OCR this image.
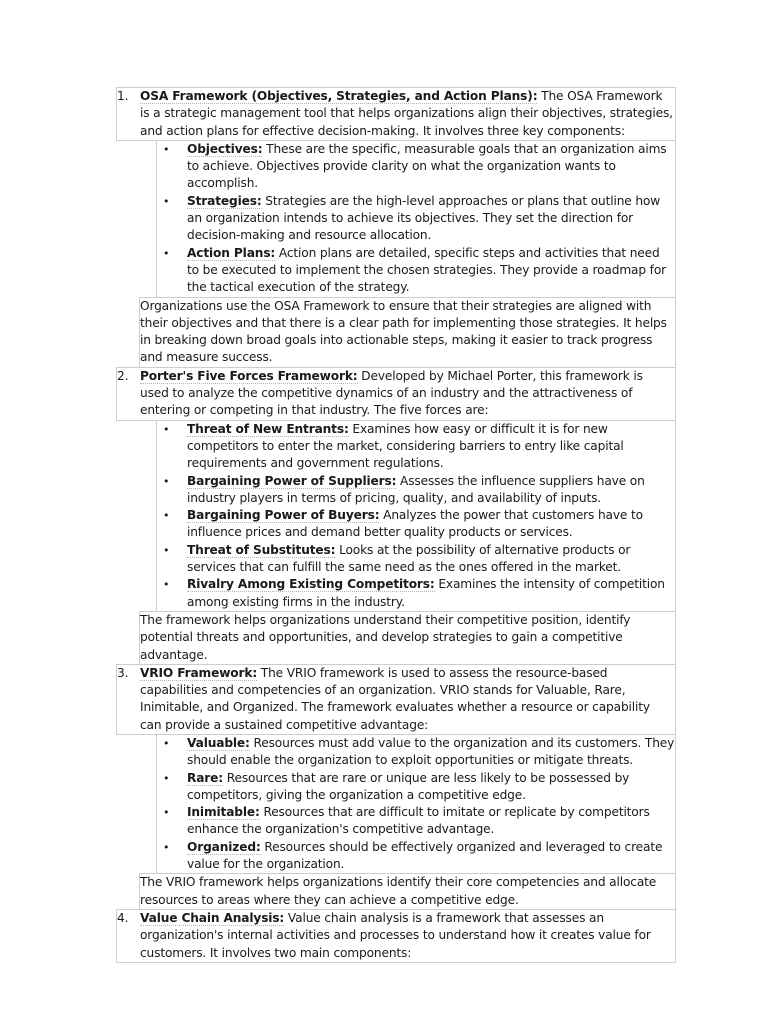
1. OSA Framework (Objectives, Strategies, and Action Plans): The OSA Framework is a strategic management tool that helps organizations align their objectives, strategies, and action plans for effective decision-making. It involves three key components:
• Objectives: These are the specific, measurable goals that an organization aims to achieve. Objectives provide clarity on what the organization wants to accomplish.
• Strategies: Strategies are the high-level approaches or plans that outline how an organization intends to achieve its objectives. They set the direction for decision-making and resource allocation.
• Action Plans: Action plans are detailed, specific steps and activities that need to be executed to implement the chosen strategies. They provide a roadmap for the tactical execution of the strategy.
Organizations use the OSA Framework to ensure that their strategies are aligned with their objectives and that there is a clear path for implementing those strategies. It helps in breaking down broad goals into actionable steps, making it easier to track progress and measure success.
2. Porter's Five Forces Framework: Developed by Michael Porter, this framework is used to analyze the competitive dynamics of an industry and the attractiveness of entering or competing in that industry. The five forces are:
• Threat of New Entrants: Examines how easy or difficult it is for new competitors to enter the market, considering barriers to entry like capital requirements and government regulations.
• Bargaining Power of Suppliers: Assesses the influence suppliers have on industry players in terms of pricing, quality, and availability of inputs.
• Bargaining Power of Buyers: Analyzes the power that customers have to influence prices and demand better quality products or services.
• Threat of Substitutes: Looks at the possibility of alternative products or services that can fulfill the same need as the ones offered in the market.
• Rivalry Among Existing Competitors: Examines the intensity of competition among existing firms in the industry.
The framework helps organizations understand their competitive position, identify potential threats and opportunities, and develop strategies to gain a competitive advantage.
3. VRIO Framework: The VRIO framework is used to assess the resource-based capabilities and competencies of an organization. VRIO stands for Valuable, Rare, Inimitable, and Organized. The framework evaluates whether a resource or capability can provide a sustained competitive advantage:
• Valuable: Resources must add value to the organization and its customers. They should enable the organization to exploit opportunities or mitigate threats.
• Rare: Resources that are rare or unique are less likely to be possessed by competitors, giving the organization a competitive edge.
• Inimitable: Resources that are difficult to imitate or replicate by competitors enhance the organization's competitive advantage.
• Organized: Resources should be effectively organized and leveraged to create value for the organization.
The VRIO framework helps organizations identify their core competencies and allocate resources to areas where they can achieve a competitive edge.
4. Value Chain Analysis: Value chain analysis is a framework that assesses an organization's internal activities and processes to understand how it creates value for customers. It involves two main components:
